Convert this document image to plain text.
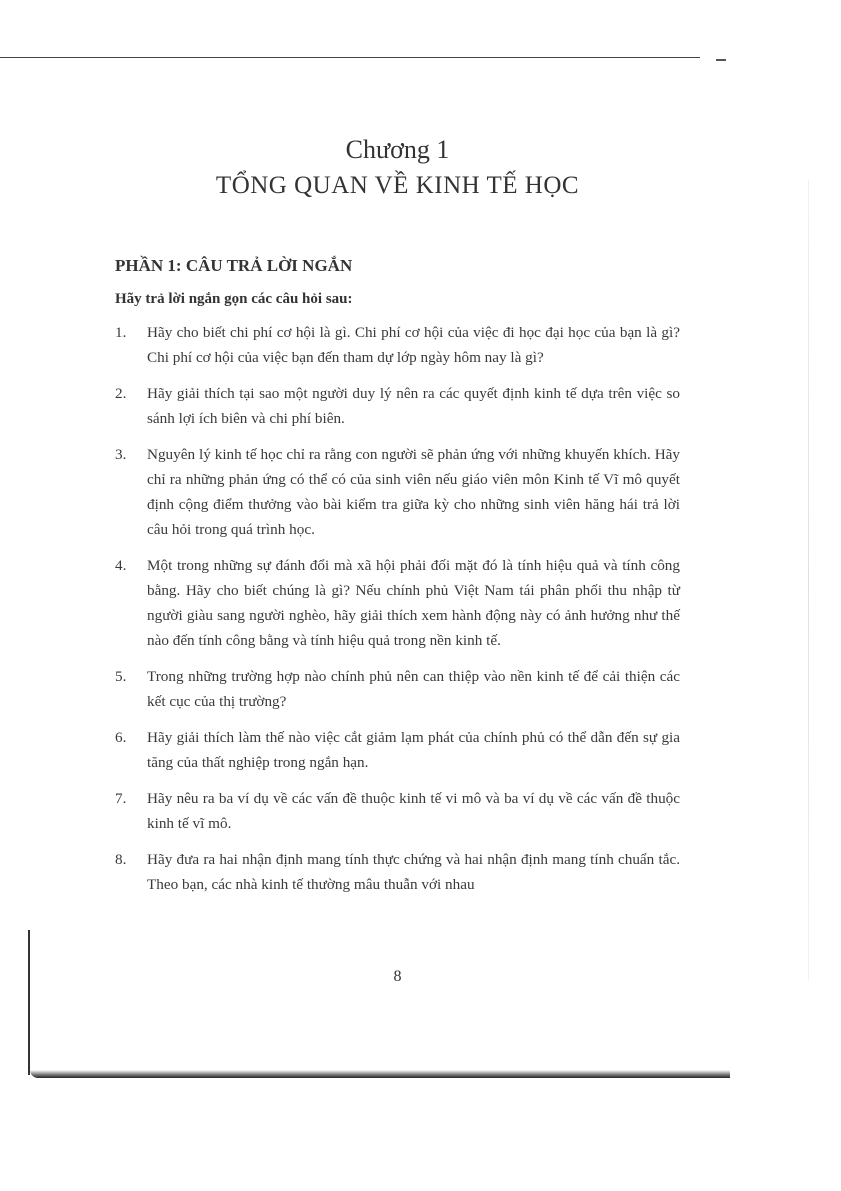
Chương 1
TỔNG QUAN VỀ KINH TẾ HỌC
PHẦN 1: CÂU TRẢ LỜI NGẮN
Hãy trả lời ngắn gọn các câu hỏi sau:
1. Hãy cho biết chi phí cơ hội là gì. Chi phí cơ hội của việc đi học đại học của bạn là gì? Chi phí cơ hội của việc bạn đến tham dự lớp ngày hôm nay là gì?
2. Hãy giải thích tại sao một người duy lý nên ra các quyết định kinh tế dựa trên việc so sánh lợi ích biên và chi phí biên.
3. Nguyên lý kinh tế học chỉ ra rằng con người sẽ phản ứng với những khuyến khích. Hãy chỉ ra những phản ứng có thể có của sinh viên nếu giáo viên môn Kinh tế Vĩ mô quyết định cộng điểm thưởng vào bài kiểm tra giữa kỳ cho những sinh viên hăng hái trả lời câu hỏi trong quá trình học.
4. Một trong những sự đánh đổi mà xã hội phải đối mặt đó là tính hiệu quả và tính công bằng. Hãy cho biết chúng là gì? Nếu chính phủ Việt Nam tái phân phối thu nhập từ người giàu sang người nghèo, hãy giải thích xem hành động này có ảnh hưởng như thế nào đến tính công bằng và tính hiệu quả trong nền kinh tế.
5. Trong những trường hợp nào chính phủ nên can thiệp vào nền kinh tế để cải thiện các kết cục của thị trường?
6. Hãy giải thích làm thế nào việc cắt giảm lạm phát của chính phủ có thể dẫn đến sự gia tăng của thất nghiệp trong ngắn hạn.
7. Hãy nêu ra ba ví dụ về các vấn đề thuộc kinh tế vi mô và ba ví dụ về các vấn đề thuộc kinh tế vĩ mô.
8. Hãy đưa ra hai nhận định mang tính thực chứng và hai nhận định mang tính chuẩn tắc. Theo bạn, các nhà kinh tế thường mâu thuẫn với nhau
8
